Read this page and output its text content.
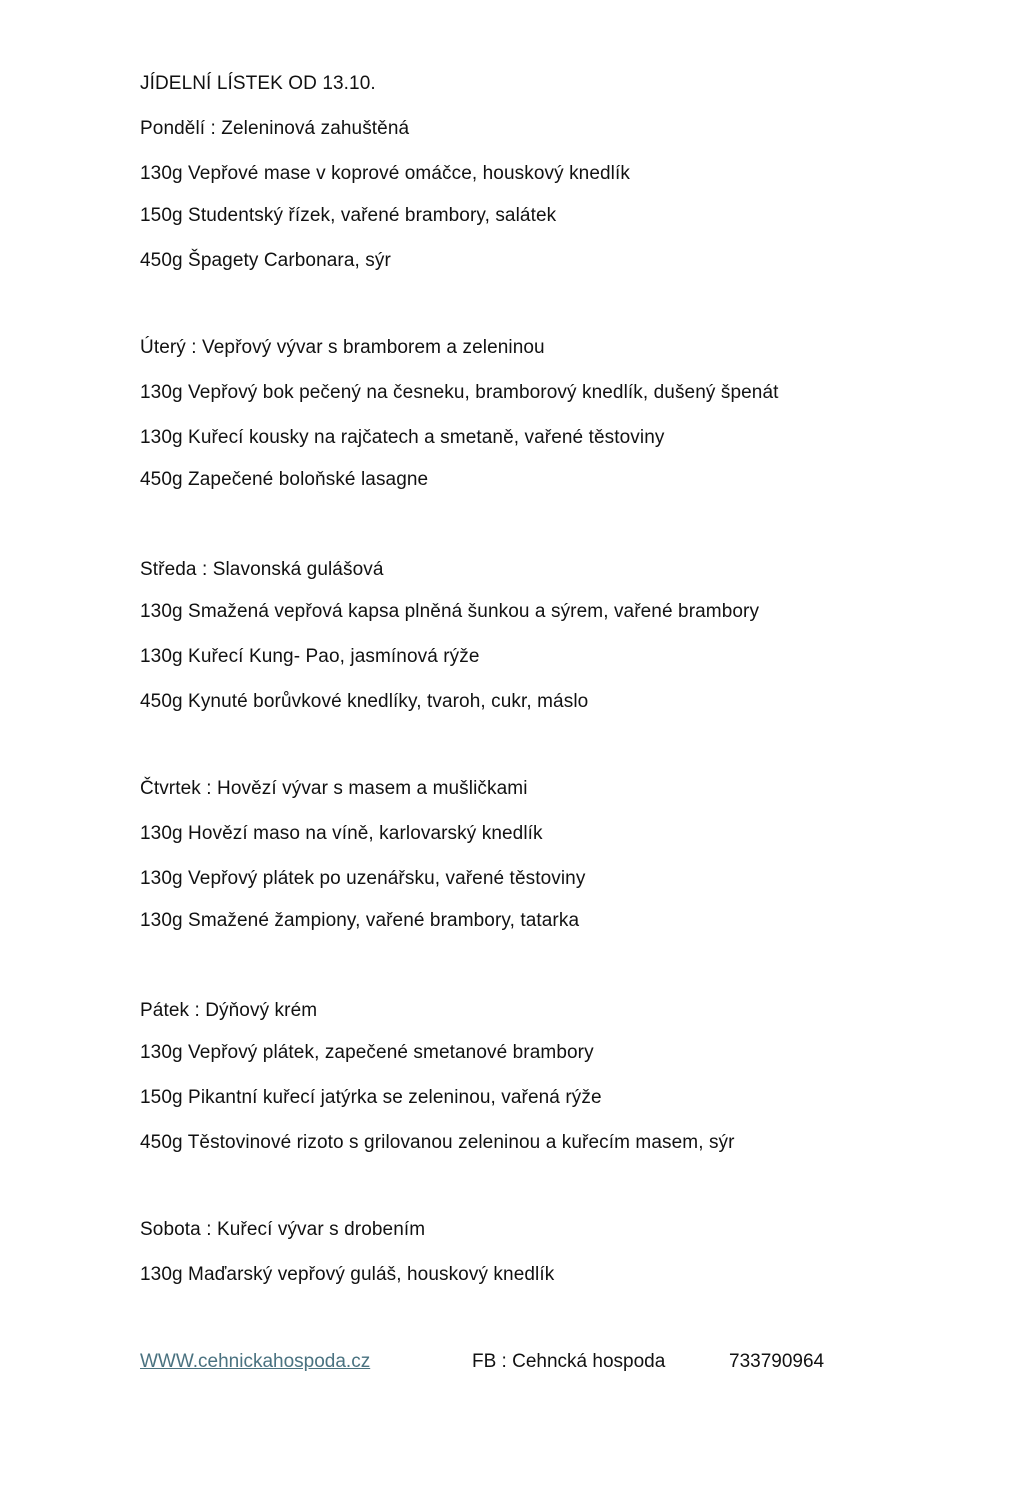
JÍDELNÍ LÍSTEK OD 13.10.
Pondělí : Zeleninová zahuštěná
130g Vepřové mase v koprové omáčce, houskový knedlík
150g Studentský řízek, vařené brambory, salátek
450g Špagety Carbonara, sýr
Úterý : Vepřový vývar s bramborem a zeleninou
130g Vepřový bok pečený na česneku, bramborový knedlík, dušený špenát
130g Kuřecí kousky na rajčatech a smetaně, vařené těstoviny
450g Zapečené boloňské lasagne
Středa : Slavonská gulášová
130g Smažená vepřová kapsa plněná šunkou a sýrem, vařené brambory
130g Kuřecí Kung- Pao, jasmínová rýže
450g Kynuté borůvkové knedlíky, tvaroh, cukr, máslo
Čtvrtek : Hovězí vývar s masem a mušličkami
130g Hovězí maso na víně, karlovarský knedlík
130g Vepřový plátek po uzenářsku, vařené těstoviny
130g Smažené žampiony, vařené brambory, tatarka
Pátek : Dýňový krém
130g Vepřový plátek, zapečené smetanové brambory
150g Pikantní kuřecí jatýrka se zeleninou, vařená rýže
450g Těstovinové rizoto s grilovanou zeleninou a kuřecím masem, sýr
Sobota : Kuřecí vývar s drobením
130g Maďarský vepřový guláš, houskový knedlík
WWW.cehnickahospoda.cz	FB : Cehncká hospoda	733790964
